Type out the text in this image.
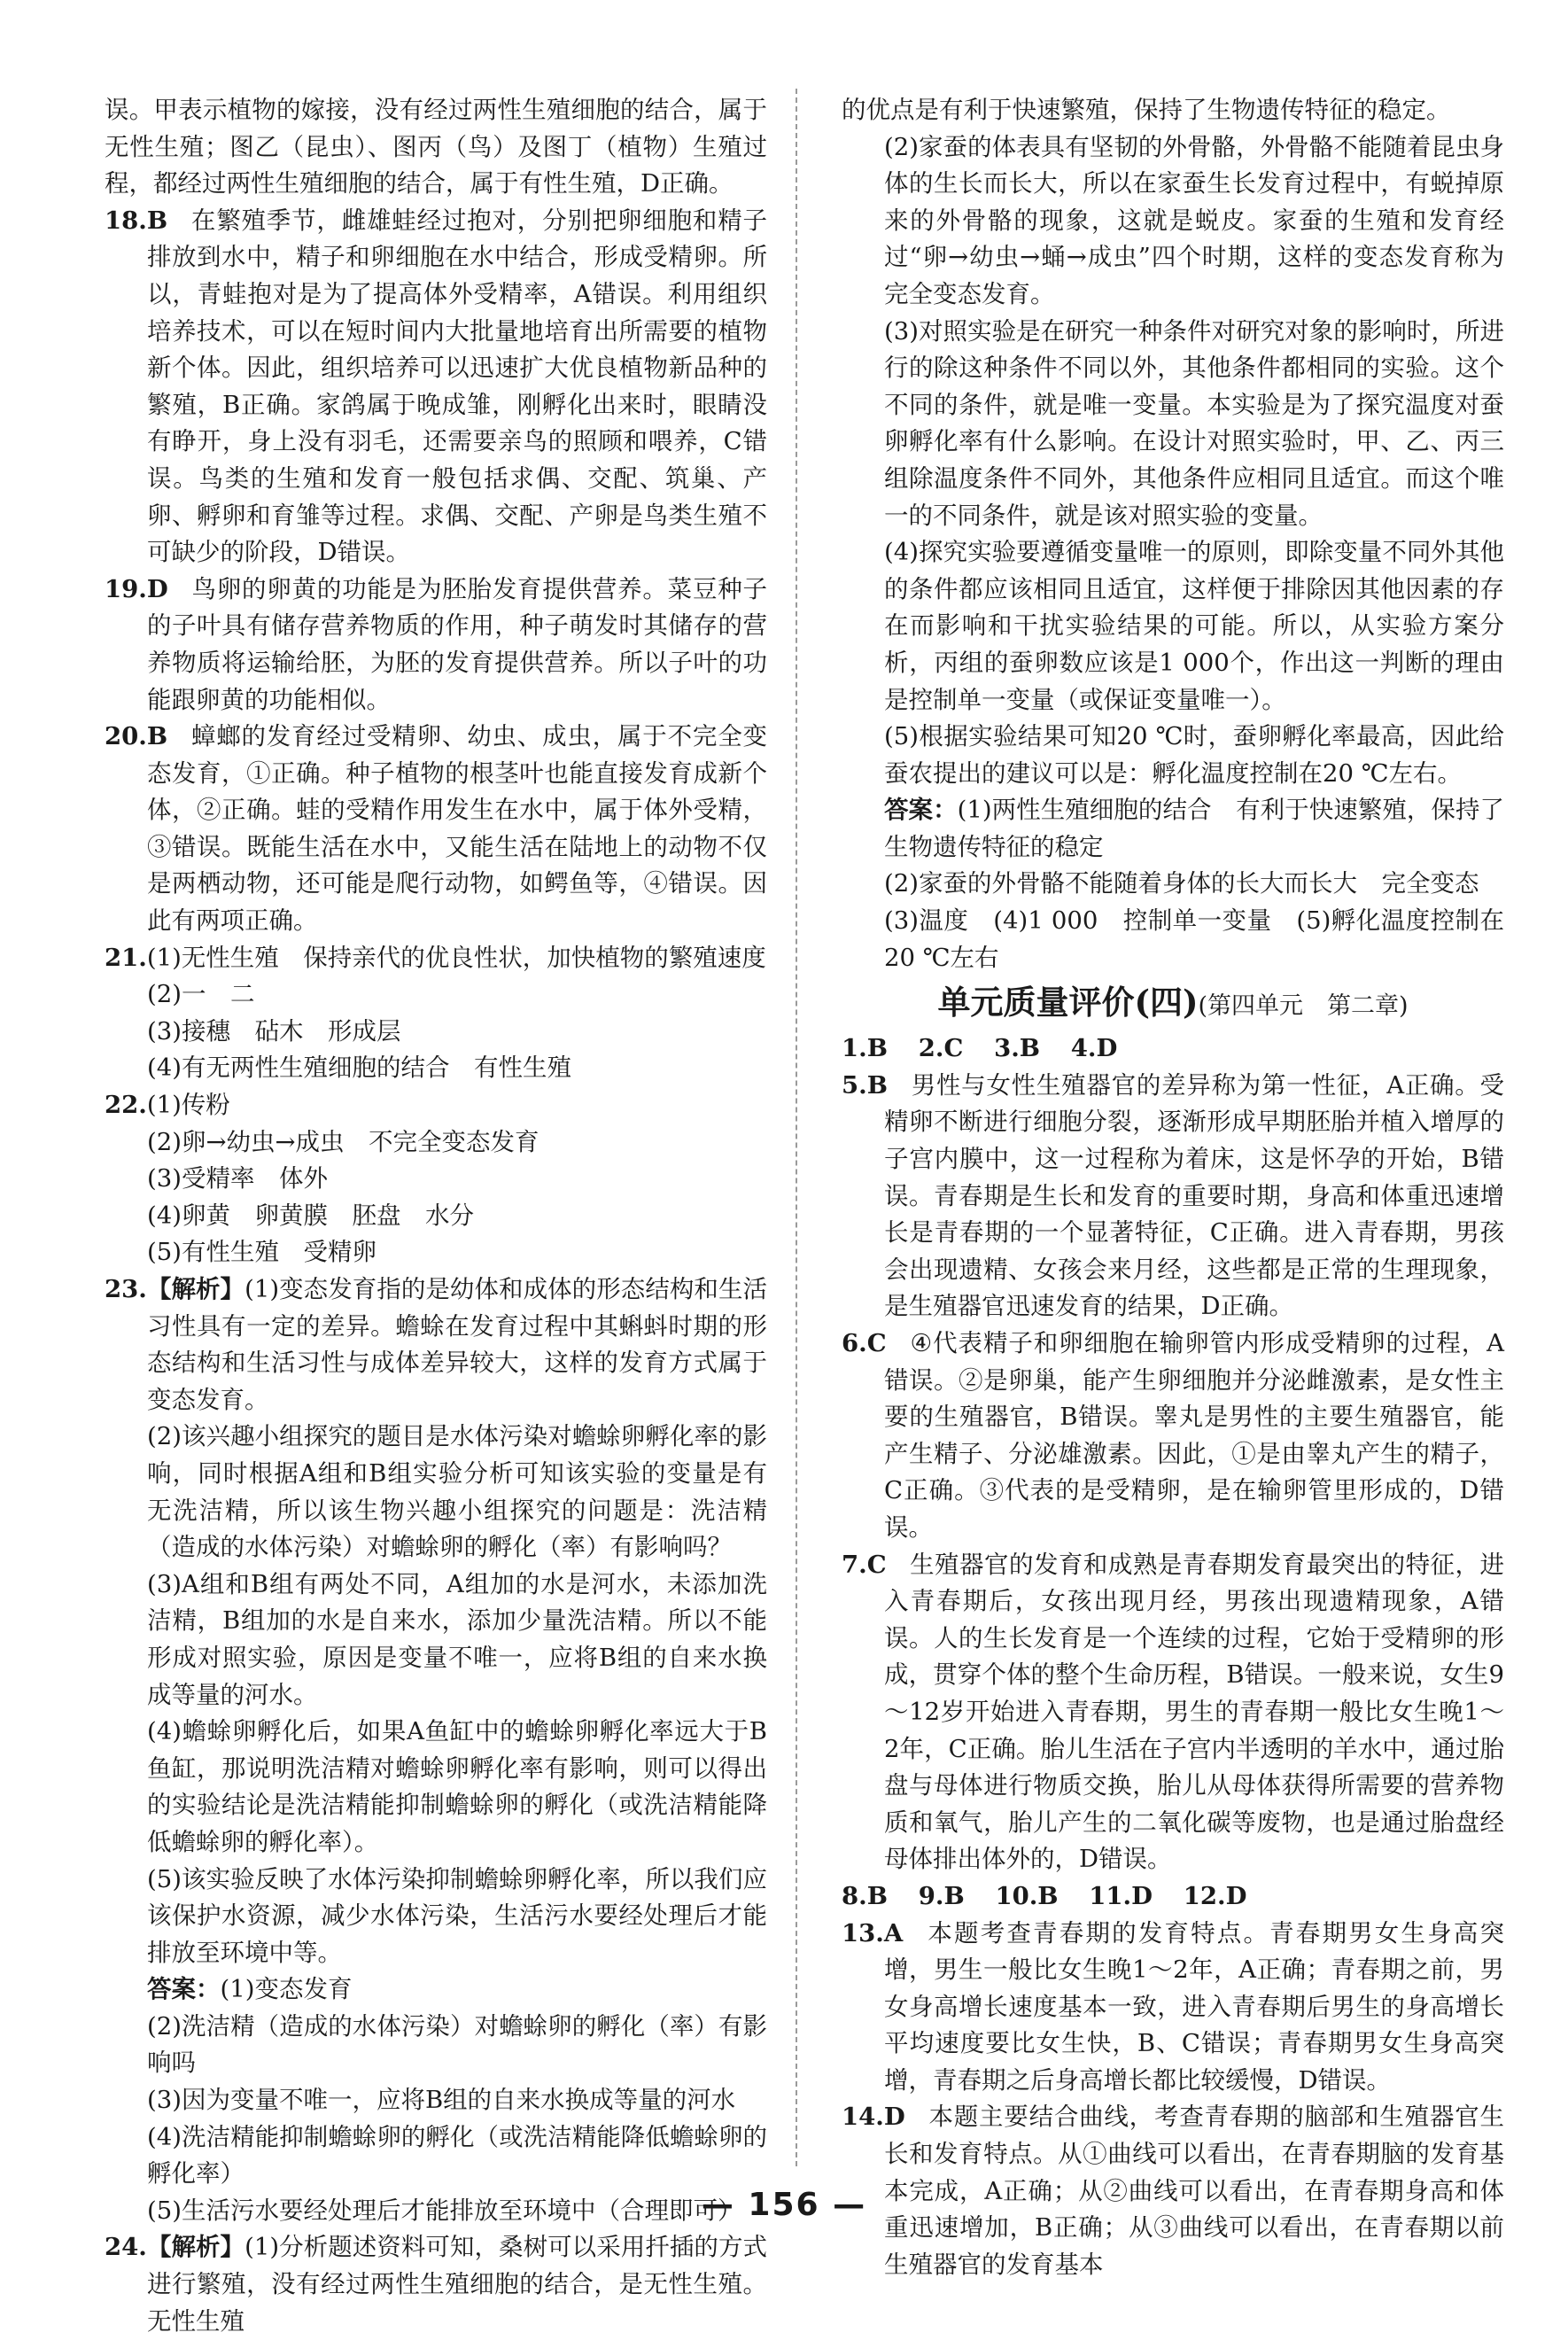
误。甲表示植物的嫁接，没有经过两性生殖细胞的结合，属于无性生殖；图乙（昆虫）、图丙（鸟）及图丁（植物）生殖过程，都经过两性生殖细胞的结合，属于有性生殖，D正确。

18.B 在繁殖季节，雌雄蛙经过抱对，分别把卵细胞和精子排放到水中，精子和卵细胞在水中结合，形成受精卵。所以，青蛙抱对是为了提高体外受精率，A错误。利用组织培养技术，可以在短时间内大批量地培育出所需要的植物新个体。因此，组织培养可以迅速扩大优良植物新品种的繁殖，B正确。家鸽属于晚成雏，刚孵化出来时，眼睛没有睁开，身上没有羽毛，还需要亲鸟的照顾和喂养，C错误。鸟类的生殖和发育一般包括求偶、交配、筑巢、产卵、孵卵和育雏等过程。求偶、交配、产卵是鸟类生殖不可缺少的阶段，D错误。

19.D 鸟卵的卵黄的功能是为胚胎发育提供营养。菜豆种子的子叶具有储存营养物质的作用，种子萌发时其储存的营养物质将运输给胚，为胚的发育提供营养。所以子叶的功能跟卵黄的功能相似。

20.B 蟑螂的发育经过受精卵、幼虫、成虫，属于不完全变态发育，①正确。种子植物的根茎叶也能直接发育成新个体，②正确。蛙的受精作用发生在水中，属于体外受精，③错误。既能生活在水中，又能生活在陆地上的动物不仅是两栖动物，还可能是爬行动物，如鳄鱼等，④错误。因此有两项正确。

21.(1)无性生殖　保持亲代的优良性状，加快植物的繁殖速度

(2)一　二

(3)接穗　砧木　形成层

(4)有无两性生殖细胞的结合　有性生殖

22.(1)传粉

(2)卵→幼虫→成虫　不完全变态发育

(3)受精率　体外

(4)卵黄　卵黄膜　胚盘　水分

(5)有性生殖　受精卵

23.【解析】(1)变态发育指的是幼体和成体的形态结构和生活习性具有一定的差异。蟾蜍在发育过程中其蝌蚪时期的形态结构和生活习性与成体差异较大，这样的发育方式属于变态发育。

(2)该兴趣小组探究的题目是水体污染对蟾蜍卵孵化率的影响，同时根据A组和B组实验分析可知该实验的变量是有无洗洁精，所以该生物兴趣小组探究的问题是：洗洁精（造成的水体污染）对蟾蜍卵的孵化（率）有影响吗？

(3)A组和B组有两处不同，A组加的水是河水，未添加洗洁精，B组加的水是自来水，添加少量洗洁精。所以不能形成对照实验，原因是变量不唯一，应将B组的自来水换成等量的河水。

(4)蟾蜍卵孵化后，如果A鱼缸中的蟾蜍卵孵化率远大于B鱼缸，那说明洗洁精对蟾蜍卵孵化率有影响，则可以得出的实验结论是洗洁精能抑制蟾蜍卵的孵化（或洗洁精能降低蟾蜍卵的孵化率）。

(5)该实验反映了水体污染抑制蟾蜍卵孵化率，所以我们应该保护水资源，减少水体污染，生活污水要经处理后才能排放至环境中等。

答案：(1)变态发育

(2)洗洁精（造成的水体污染）对蟾蜍卵的孵化（率）有影响吗

(3)因为变量不唯一，应将B组的自来水换成等量的河水

(4)洗洁精能抑制蟾蜍卵的孵化（或洗洁精能降低蟾蜍卵的孵化率）

(5)生活污水要经处理后才能排放至环境中（合理即可）

24.【解析】(1)分析题述资料可知，桑树可以采用扦插的方式进行繁殖，没有经过两性生殖细胞的结合，是无性生殖。无性生殖

的优点是有利于快速繁殖，保持了生物遗传特征的稳定。

(2)家蚕的体表具有坚韧的外骨骼，外骨骼不能随着昆虫身体的生长而长大，所以在家蚕生长发育过程中，有蜕掉原来的外骨骼的现象，这就是蜕皮。家蚕的生殖和发育经过“卵→幼虫→蛹→成虫”四个时期，这样的变态发育称为完全变态发育。

(3)对照实验是在研究一种条件对研究对象的影响时，所进行的除这种条件不同以外，其他条件都相同的实验。这个不同的条件，就是唯一变量。本实验是为了探究温度对蚕卵孵化率有什么影响。在设计对照实验时，甲、乙、丙三组除温度条件不同外，其他条件应相同且适宜。而这个唯一的不同条件，就是该对照实验的变量。

(4)探究实验要遵循变量唯一的原则，即除变量不同外其他的条件都应该相同且适宜，这样便于排除因其他因素的存在而影响和干扰实验结果的可能。所以，从实验方案分析，丙组的蚕卵数应该是1 000个，作出这一判断的理由是控制单一变量（或保证变量唯一）。

(5)根据实验结果可知20 ℃时，蚕卵孵化率最高，因此给蚕农提出的建议可以是：孵化温度控制在20 ℃左右。

答案：(1)两性生殖细胞的结合　有利于快速繁殖，保持了生物遗传特征的稳定

(2)家蚕的外骨骼不能随着身体的长大而长大　完全变态

(3)温度　(4)1 000　控制单一变量　(5)孵化温度控制在20 ℃左右

单元质量评价(四)(第四单元　第二章)

1.B 2.C 3.B 4.D

5.B 男性与女性生殖器官的差异称为第一性征，A正确。受精卵不断进行细胞分裂，逐渐形成早期胚胎并植入增厚的子宫内膜中，这一过程称为着床，这是怀孕的开始，B错误。青春期是生长和发育的重要时期，身高和体重迅速增长是青春期的一个显著特征，C正确。进入青春期，男孩会出现遗精、女孩会来月经，这些都是正常的生理现象，是生殖器官迅速发育的结果，D正确。

6.C ④代表精子和卵细胞在输卵管内形成受精卵的过程，A错误。②是卵巢，能产生卵细胞并分泌雌激素，是女性主要的生殖器官，B错误。睾丸是男性的主要生殖器官，能产生精子、分泌雄激素。因此，①是由睾丸产生的精子，C正确。③代表的是受精卵，是在输卵管里形成的，D错误。

7.C 生殖器官的发育和成熟是青春期发育最突出的特征，进入青春期后，女孩出现月经，男孩出现遗精现象，A错误。人的生长发育是一个连续的过程，它始于受精卵的形成，贯穿个体的整个生命历程，B错误。一般来说，女生9～12岁开始进入青春期，男生的青春期一般比女生晚1～2年，C正确。胎儿生活在子宫内半透明的羊水中，通过胎盘与母体进行物质交换，胎儿从母体获得所需要的营养物质和氧气，胎儿产生的二氧化碳等废物，也是通过胎盘经母体排出体外的，D错误。

8.B 9.B 10.B 11.D 12.D

13.A 本题考查青春期的发育特点。青春期男女生身高突增，男生一般比女生晚1～2年，A正确；青春期之前，男女身高增长速度基本一致，进入青春期后男生的身高增长平均速度要比女生快，B、C错误；青春期男女生身高突增，青春期之后身高增长都比较缓慢，D错误。

14.D 本题主要结合曲线，考查青春期的脑部和生殖器官生长和发育特点。从①曲线可以看出，在青春期脑的发育基本完成，A正确；从②曲线可以看出，在青春期身高和体重迅速增加，B正确；从③曲线可以看出，在青春期以前生殖器官的发育基本

— 156 —
